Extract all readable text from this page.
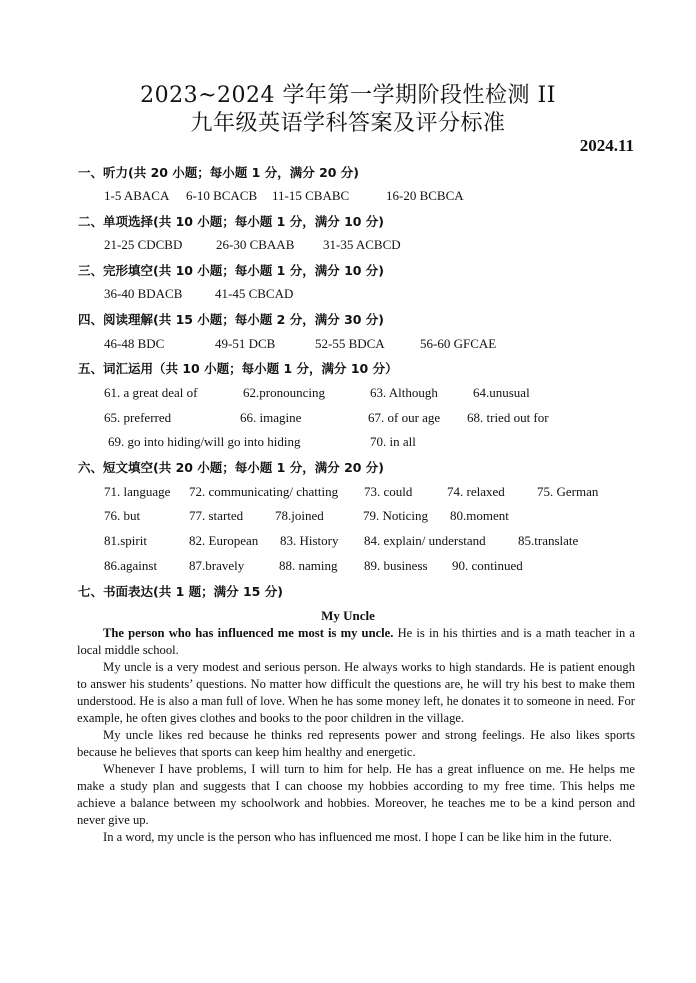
2023~2024 学年第一学期阶段性检测 II
九年级英语学科答案及评分标准
2024.11
一、听力(共 20 小题；每小题 1 分，满分 20 分)
1-5 ABACA 6-10 BCACB 11-15 CBABC	16-20 BCBCA
二、单项选择(共 10 小题；每小题 1 分，满分 10 分)
21-25 CDCBD	26-30 CBAAB 31-35 ACBCD
三、完形填空(共 10 小题；每小题 1 分，满分 10 分)
36-40 BDACB	41-45 CBCAD
四、阅读理解(共 15 小题；每小题 2 分，满分 30 分)
46-48 BDC	49-51 DCB	52-55 BDCA	56-60 GFCAE
五、词汇运用（共 10 小题；每小题 1 分，满分 10 分）
61. a great deal of	62.pronouncing	63. Although	64.unusual
65. preferred	66. imagine	67. of our age 68. tried out for
69. go into hiding/will go into hiding	70. in all
六、短文填空(共 20 小题；每小题 1 分，满分 20 分)
71. language 72. communicating/ chatting 73. could	74. relaxed 75. German
76. but	77. started 78.joined	79. Noticing 80.moment
81.spirit	82. European 83. History 84. explain/ understand 85.translate
86.against 87.bravely	88. naming 89. business 90. continued
七、书面表达(共 1 题；满分 15 分)
My Uncle

The person who has influenced me most is my uncle. He is in his thirties and is a math teacher in a local middle school.

My uncle is a very modest and serious person. He always works to high standards. He is patient enough to answer his students’ questions. No matter how difficult the questions are, he will try his best to make them understood. He is also a man full of love. When he has some money left, he donates it to someone in need. For example, he often gives clothes and books to the poor children in the village.

My uncle likes red because he thinks red represents power and strong feelings. He also likes sports because he believes that sports can keep him healthy and energetic.

Whenever I have problems, I will turn to him for help. He has a great influence on me. He helps me make a study plan and suggests that I can choose my hobbies according to my free time. This helps me achieve a balance between my schoolwork and hobbies. Moreover, he teaches me to be a kind person and never give up.

In a word, my uncle is the person who has influenced me most. I hope I can be like him in the future.
